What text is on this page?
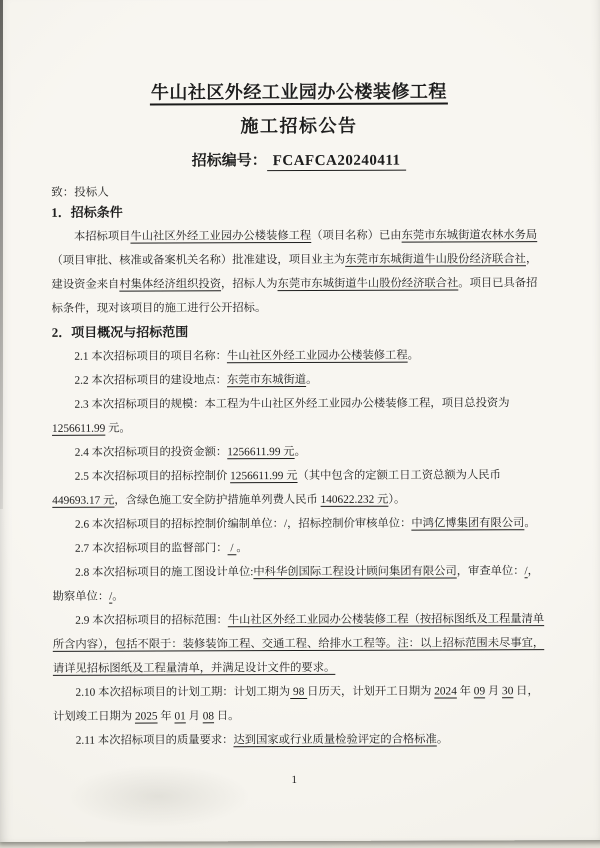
牛山社区外经工业园办公楼装修工程
施工招标公告
招标编号： FCAFCA20240411
致：投标人
1．招标条件

本招标项目牛山社区外经工业园办公楼装修工程（项目名称）已由东莞市东城街道农林水务局（项目审批、核准或备案机关名称）批准建设，项目业主为东莞市东城街道牛山股份经济联合社，建设资金来自村集体经济组织投资，招标人为东莞市东城街道牛山股份经济联合社。项目已具备招标条件，现对该项目的施工进行公开招标。

2．项目概况与招标范围

2.1 本次招标项目的项目名称：牛山社区外经工业园办公楼装修工程。

2.2 本次招标项目的建设地点：东莞市东城街道。

2.3 本次招标项目的规模：本工程为牛山社区外经工业园办公楼装修工程，项目总投资为 1256611.99 元。

2.4 本次招标项目的投资金额：1256611.99 元。

2.5 本次招标项目的招标控制价 1256611.99 元（其中包含的定额工日工资总额为人民币 449693.17 元，含绿色施工安全防护措施单列费人民币 140622.232 元）。

2.6 本次招标项目的招标控制价编制单位：/，招标控制价审核单位：中鸿亿博集团有限公司。

2.7 本次招标项目的监督部门： / 。

2.8 本次招标项目的施工图设计单位:中科华创国际工程设计顾问集团有限公司，审查单位：/，勘察单位：/。

2.9 本次招标项目的招标范围：牛山社区外经工业园办公楼装修工程（按招标图纸及工程量清单所含内容），包括不限于：装修装饰工程、交通工程、给排水工程等。注：以上招标范围未尽事宜，请详见招标图纸及工程量清单，并满足设计文件的要求。

2.10 本次招标项目的计划工期：计划工期为 98 日历天，计划开工日期为 2024 年 09 月 30 日，计划竣工日期为 2025 年 01 月 08 日。

2.11 本次招标项目的质量要求：达到国家或行业质量检验评定的合格标准。

1
